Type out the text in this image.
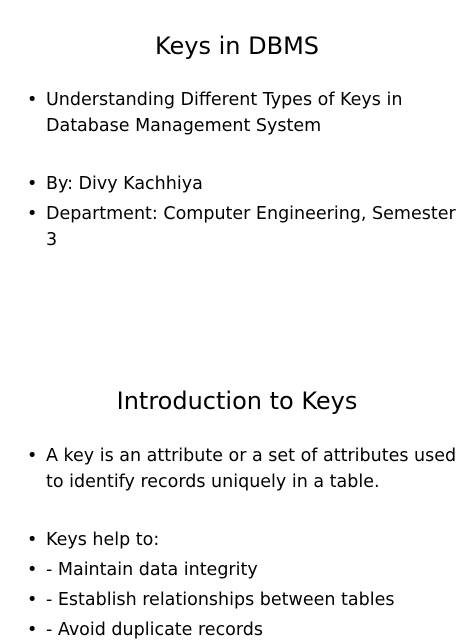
Keys in DBMS
• Understanding Different Types of Keys in Database Management System
• By: Divy Kachhiya
• Department: Computer Engineering, Semester 3
Introduction to Keys
• A key is an attribute or a set of attributes used to identify records uniquely in a table.
• Keys help to:
• - Maintain data integrity
• - Establish relationships between tables
• - Avoid duplicate records
